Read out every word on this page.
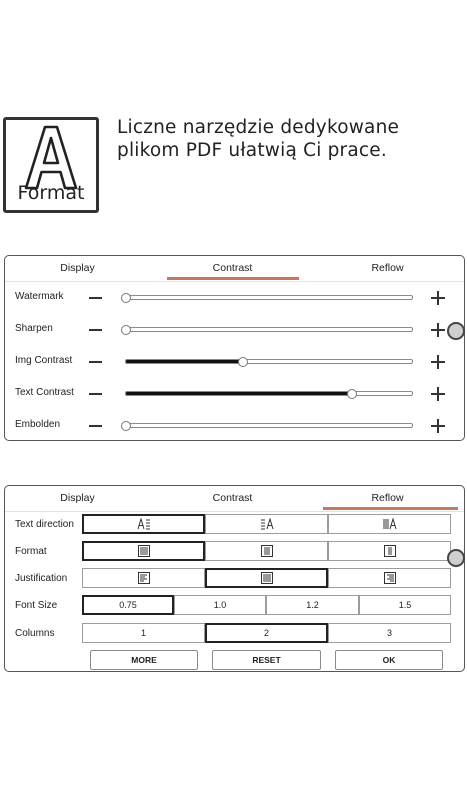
Format
Liczne narzędzie dedykowane
plikom PDF ułatwią Ci prace.
Display	Contrast	Reflow
Watermark
Sharpen
Img Contrast
Text Contrast
Embolden
Display	Contrast	Reflow
Text direction
Format
Justification
Font Size	0.75	1.0	1.2	1.5
Columns	1	2	3
MORE	RESET	OK
